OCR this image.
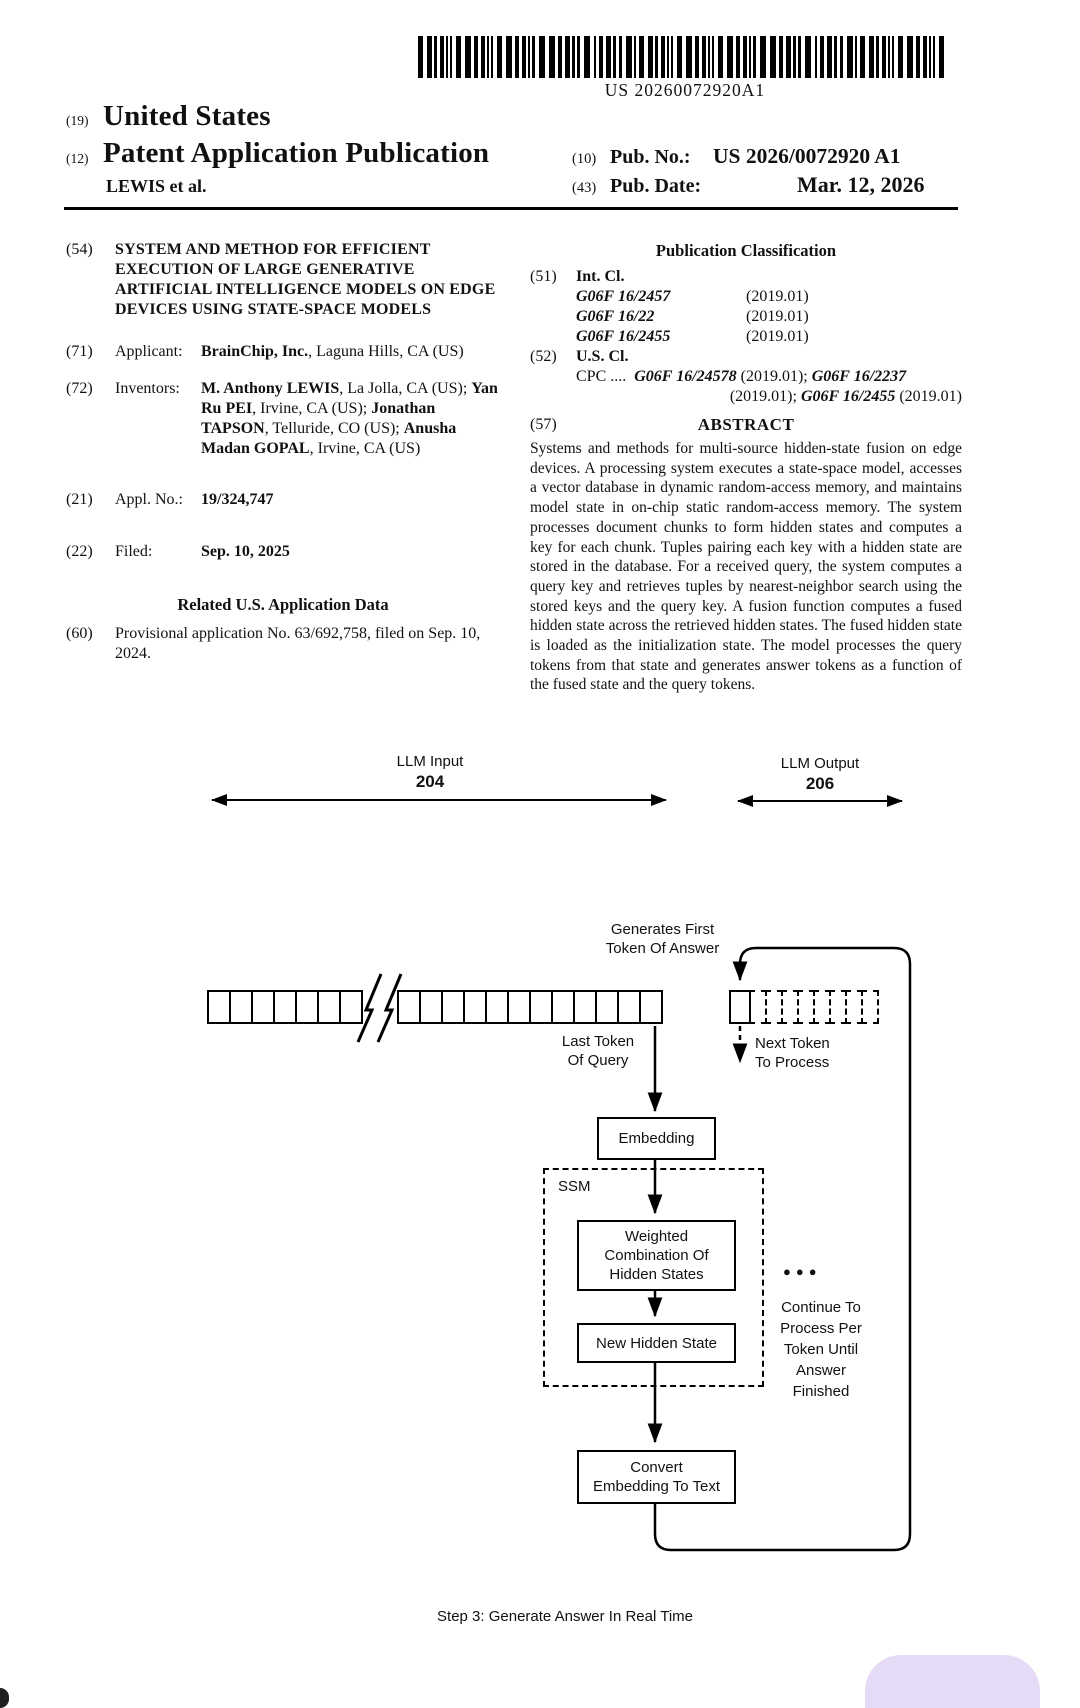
US 20260072920A1
(19) United States
(12) Patent Application Publication
LEWIS et al.
(10) Pub. No.: US 2026/0072920 A1
(43) Pub. Date:	Mar. 12, 2026
(54)	SYSTEM AND METHOD FOR EFFICIENT EXECUTION OF LARGE GENERATIVE ARTIFICIAL INTELLIGENCE MODELS ON EDGE DEVICES USING STATE-SPACE MODELS
(71)	Applicant:	BrainChip, Inc., Laguna Hills, CA (US)
(72)	Inventors:	M. Anthony LEWIS, La Jolla, CA (US); Yan Ru PEI, Irvine, CA (US); Jonathan TAPSON, Telluride, CO (US); Anusha Madan GOPAL, Irvine, CA (US)
(21)	Appl. No.:	19/324,747
(22)	Filed:	Sep. 10, 2025
Related U.S. Application Data
(60)	Provisional application No. 63/692,758, filed on Sep. 10, 2024.
Publication Classification
(51)	Int. Cl.
G06F 16/2457	(2019.01)
G06F 16/22	(2019.01)
G06F 16/2455	(2019.01)
(52)	U.S. Cl.
CPC .... G06F 16/24578 (2019.01); G06F 16/2237
(2019.01); G06F 16/2455 (2019.01)
(57)	ABSTRACT
Systems and methods for multi-source hidden-state fusion on edge devices. A processing system executes a state-space model, accesses a vector database in dynamic random-access memory, and maintains model state in on-chip static random-access memory. The system processes document chunks to form hidden states and computes a key for each chunk. Tuples pairing each key with a hidden state are stored in the database. For a received query, the system computes a query key and retrieves tuples by nearest-neighbor search using the stored keys and the query key. A fusion function computes a fused hidden state across the retrieved hidden states. The fused hidden state is loaded as the initialization state. The model processes the query tokens from that state and generates answer tokens as a function of the fused state and the query tokens.
LLM Input
204
LLM Output
206
Generates First
Token Of Answer
Last Token
Of Query
Next Token
To Process
Embedding
SSM
Weighted
Combination Of
Hidden States
New Hidden State
●●●
Continue To
Process Per
Token Until
Answer
Finished
Convert
Embedding To Text
Step 3: Generate Answer In Real Time
